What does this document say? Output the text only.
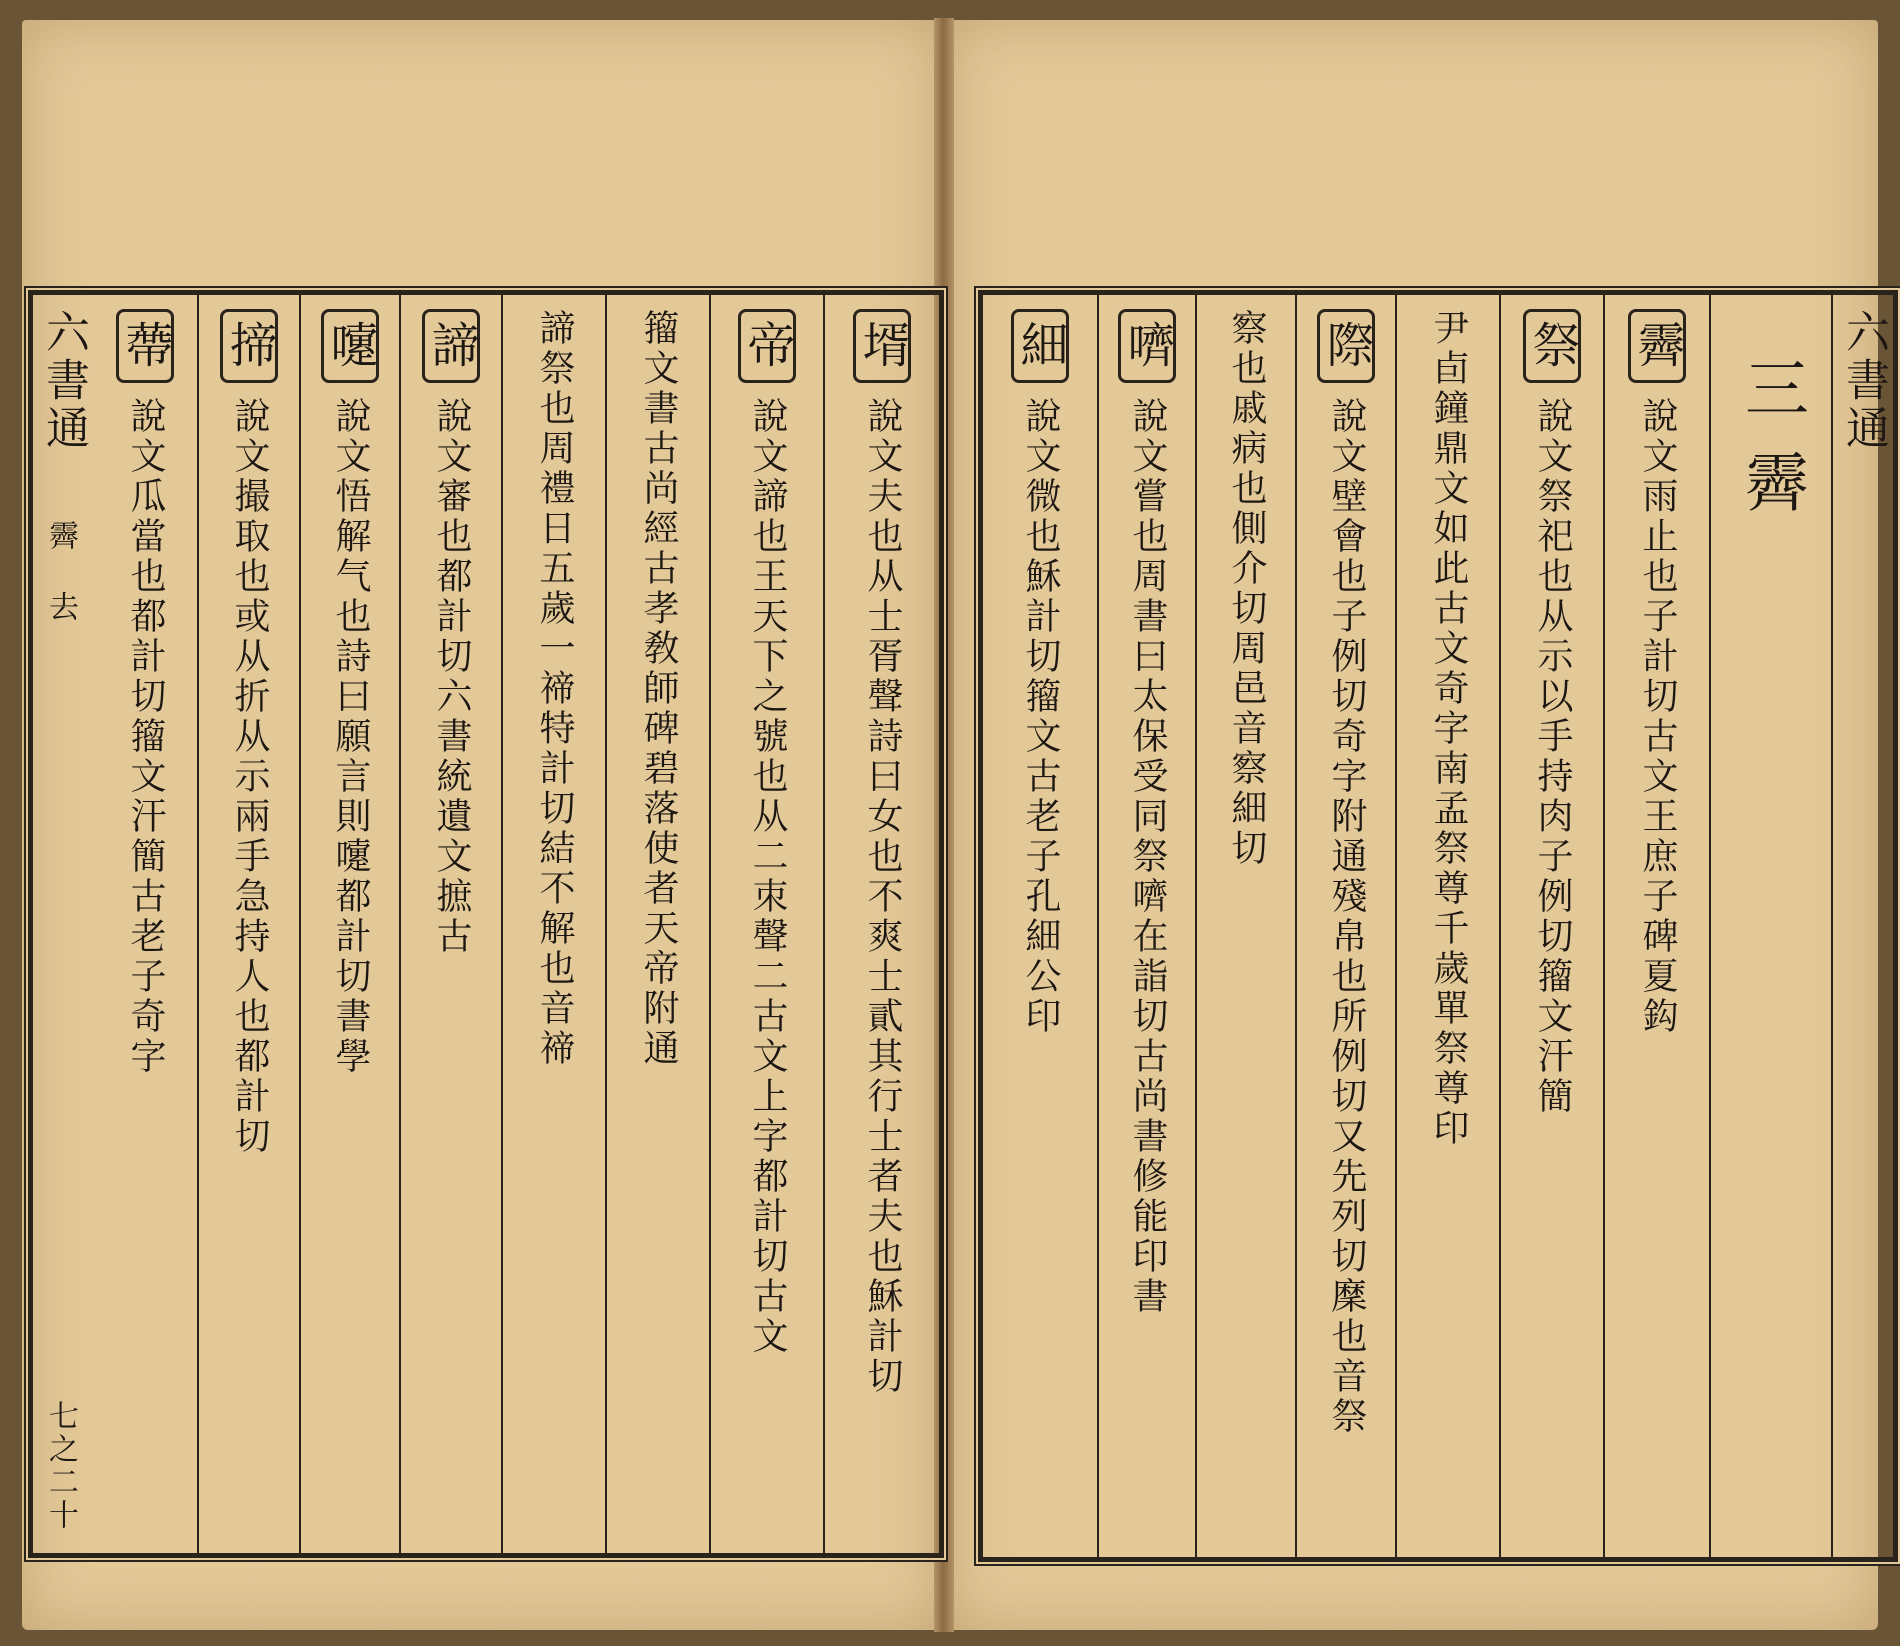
六書通 蔕說文瓜當也都計切籀文汗簡古老子奇字
揥說文撮取也或从折从示兩手急持人也都計切
嚔說文悟解气也詩曰願言則嚔都計切書學
諦說文審也都計切六書統遺文摭古 諦祭也周禮日五歲一禘特計切結不解也音禘 籀文書古尚經古孝敎師碑碧落使者天帝附通 帝說文諦也王天下之號也从二朿聲二古文上字都計切古文
壻說文夫也从士胥聲詩曰女也不爽士貳其行士者夫也穌計切
霽 去
七之二十
細說文微也穌計切籀文古老子孔細公印
嚌說文嘗也周書曰太保受同祭嚌在詣切古尚書修能印書 察也戚病也側介切周邑音察細切 際說文壁會也子例切奇字附通殘帛也所例切又先列切穈也音祭 尹卣鐘鼎文如此古文奇字南孟祭尊千歲單祭尊印 祭說文祭祀也从示以手持肉子例切籀文汗簡
霽說文雨止也子計切古文王庶子碑夏鈎 三霽 六書通
